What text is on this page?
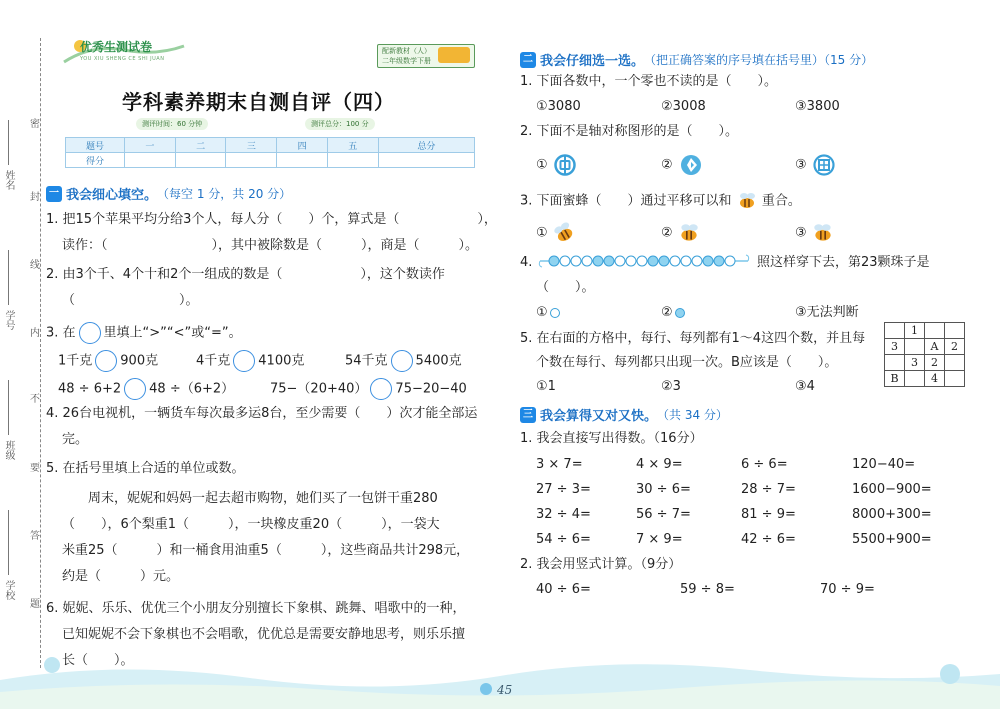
密
封
线
内
不
要
答
题
姓名
学号
班级
学校
优秀生测试卷
YOU XIU SHENG CE SHI JUAN
配新教材（人）
二年级数学下册
学科素养期末自测自评（四）
测评时间：60 分钟	测评总分：100 分
题号	一	二	三	四	五	总分
得分						
一 我会细心填空。 （每空 1 分，共 20 分）
1. 把15个苹果平均分给3个人，每人分（　　）个，算式是（　　　　　　），
读作：（　　　　　　　　），其中被除数是（　　　），商是（　　　）。
2. 由3个千、4个十和2个一组成的数是（　　　　　　），这个数读作
（　　　　　　　　）。
3. 在 里填上“>”“<”或“=”。
1千克 900克	4千克 4100克	54千克 5400克
48 ÷ 6+2 48 ÷（6+2）	75−（20+40） 75−20−40
4. 26台电视机，一辆货车每次最多运8台，至少需要（　　）次才能全部运
完。
5. 在括号里填上合适的单位或数。
周末，妮妮和妈妈一起去超市购物，她们买了一包饼干重280
（　　），6个梨重1（　　　），一块橡皮重20（　　　），一袋大
米重25（　　　）和一桶食用油重5（　　　），这些商品共计298元，
约是（　　　）元。
6. 妮妮、乐乐、优优三个小朋友分别擅长下象棋、跳舞、唱歌中的一种，
已知妮妮不会下象棋也不会唱歌，优优总是需要安静地思考，则乐乐擅
长（　　）。
二 我会仔细选一选。 （把正确答案的序号填在括号里）（15 分）
1. 下面各数中，一个零也不读的是（　　）。
①3080	②3008	③3800
2. 下面不是轴对称图形的是（　　）。
①	②	③
3. 下面蜜蜂（　　）通过平移可以和 重合。
①	②	③
4.	照这样穿下去，第23颗珠子是
（　　）。
①	②	③无法判断
5. 在右面的方格中，每行、每列都有1～4这四个数，并且每
个数在每行、每列都只出现一次。B应该是（　　）。
①1	②3	③4
	1		
3		A	2
	3	2	
B		4	
三 我会算得又对又快。 （共 34 分）
1. 我会直接写出得数。（16分）
3 × 7=	4 × 9=	6 ÷ 6=	120−40=
27 ÷ 3=	30 ÷ 6=	28 ÷ 7=	1600−900=
32 ÷ 4=	56 ÷ 7=	81 ÷ 9=	8000+300=
54 ÷ 6=	7 × 9=	42 ÷ 6=	5500+900=
2. 我会用竖式计算。（9分）
40 ÷ 6=	59 ÷ 8=	70 ÷ 9=
45
